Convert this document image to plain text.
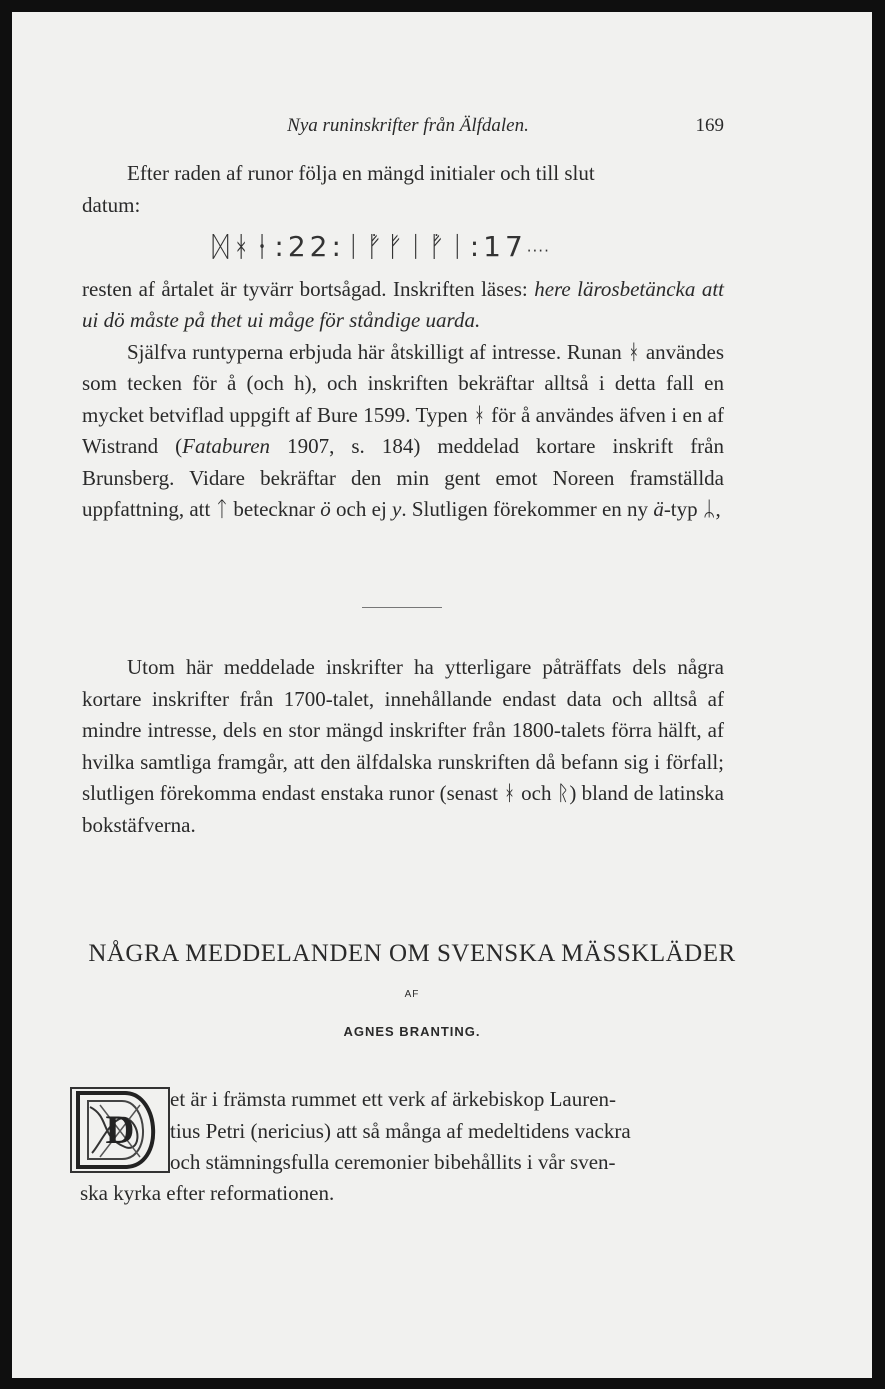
Nya runinskrifter från Älfdalen.	169

Efter raden af runor följa en mängd initialer och till slut

datum:

ᛞᚼᚽ:22:ᛁᚡᚠᛁᚡᛁ:17····

resten af årtalet är tyvärr bortsågad. Inskriften läses: here lärosbetäncka att ui dö måste på thet ui måge för ståndige uarda.

Själfva runtyperna erbjuda här åtskilligt af intresse. Runan ᚼ användes som tecken för å (och h), och inskriften bekräftar alltså i detta fall en mycket betviflad uppgift af Bure 1599. Typen ᚼ för å användes äfven i en af Wistrand (Fataburen 1907, s. 184) meddelad kortare inskrift från Brunsberg. Vidare bekräftar den min gent emot Noreen framställda uppfattning, att ᛏ betecknar ö och ej y. Slutligen förekommer en ny ä-typ ᛦ,

Utom här meddelade inskrifter ha ytterligare påträffats dels några kortare inskrifter från 1700-talet, innehållande endast data och alltså af mindre intresse, dels en stor mängd inskrifter från 1800-talets förra hälft, af hvilka samtliga framgår, att den älfdalska runskriften då befann sig i förfall; slutligen förekomma endast enstaka runor (senast ᚼ och ᚱ) bland de latinska bokstäfverna.

NÅGRA MEDDELANDEN OM SVENSKA MÄSSKLÄDER
AF
AGNES BRANTING.
D
et är i främsta rummet ett verk af ärkebiskop Lauren-
tius Petri (nericius) att så många af medeltidens vackra
och stämningsfulla ceremonier bibehållits i vår sven-
ska kyrka efter reformationen.
